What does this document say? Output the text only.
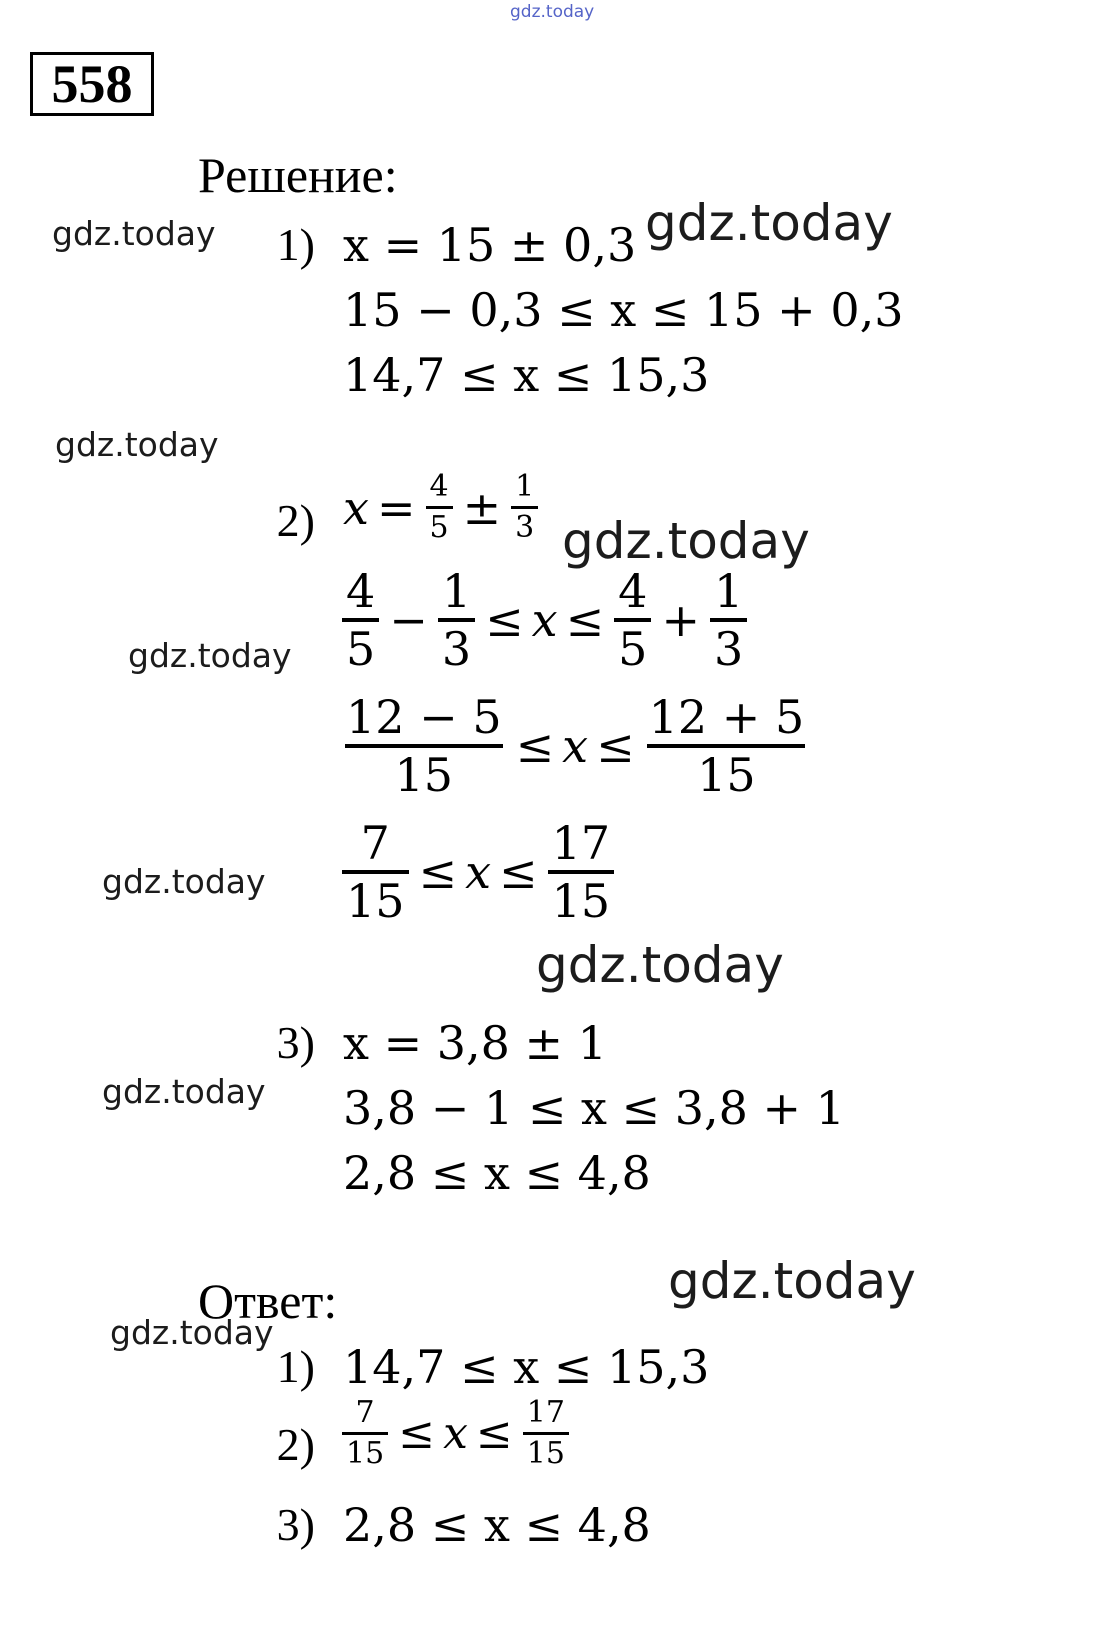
gdz.today
gdz.today	gdz.today
gdz.today
gdz.today
gdz.today
gdz.today
gdz.today
gdz.today
gdz.today
gdz.today
558
Решение:
1) x = 15 ± 0,3
15 − 0,3 ≤ x ≤ 15 + 0,3
14,7 ≤ x ≤ 15,3
2) $x = \frac{4}{5} \pm \frac{1}{3}$
$\frac{4}{5} - \frac{1}{3} \le x \le \frac{4}{5} + \frac{1}{3}$
$\frac{12 - 5}{15} \le x \le \frac{12 + 5}{15}$
$\frac{7}{15} \le x \le \frac{17}{15}$
3) x = 3,8 ± 1
3,8 − 1 ≤ x ≤ 3,8 + 1
2,8 ≤ x ≤ 4,8
Ответ:
1) 14,7 ≤ x ≤ 15,3
$2) \frac{7}{15} \le x \le \frac{17}{15}$
3) 2,8 ≤ x ≤ 4,8
